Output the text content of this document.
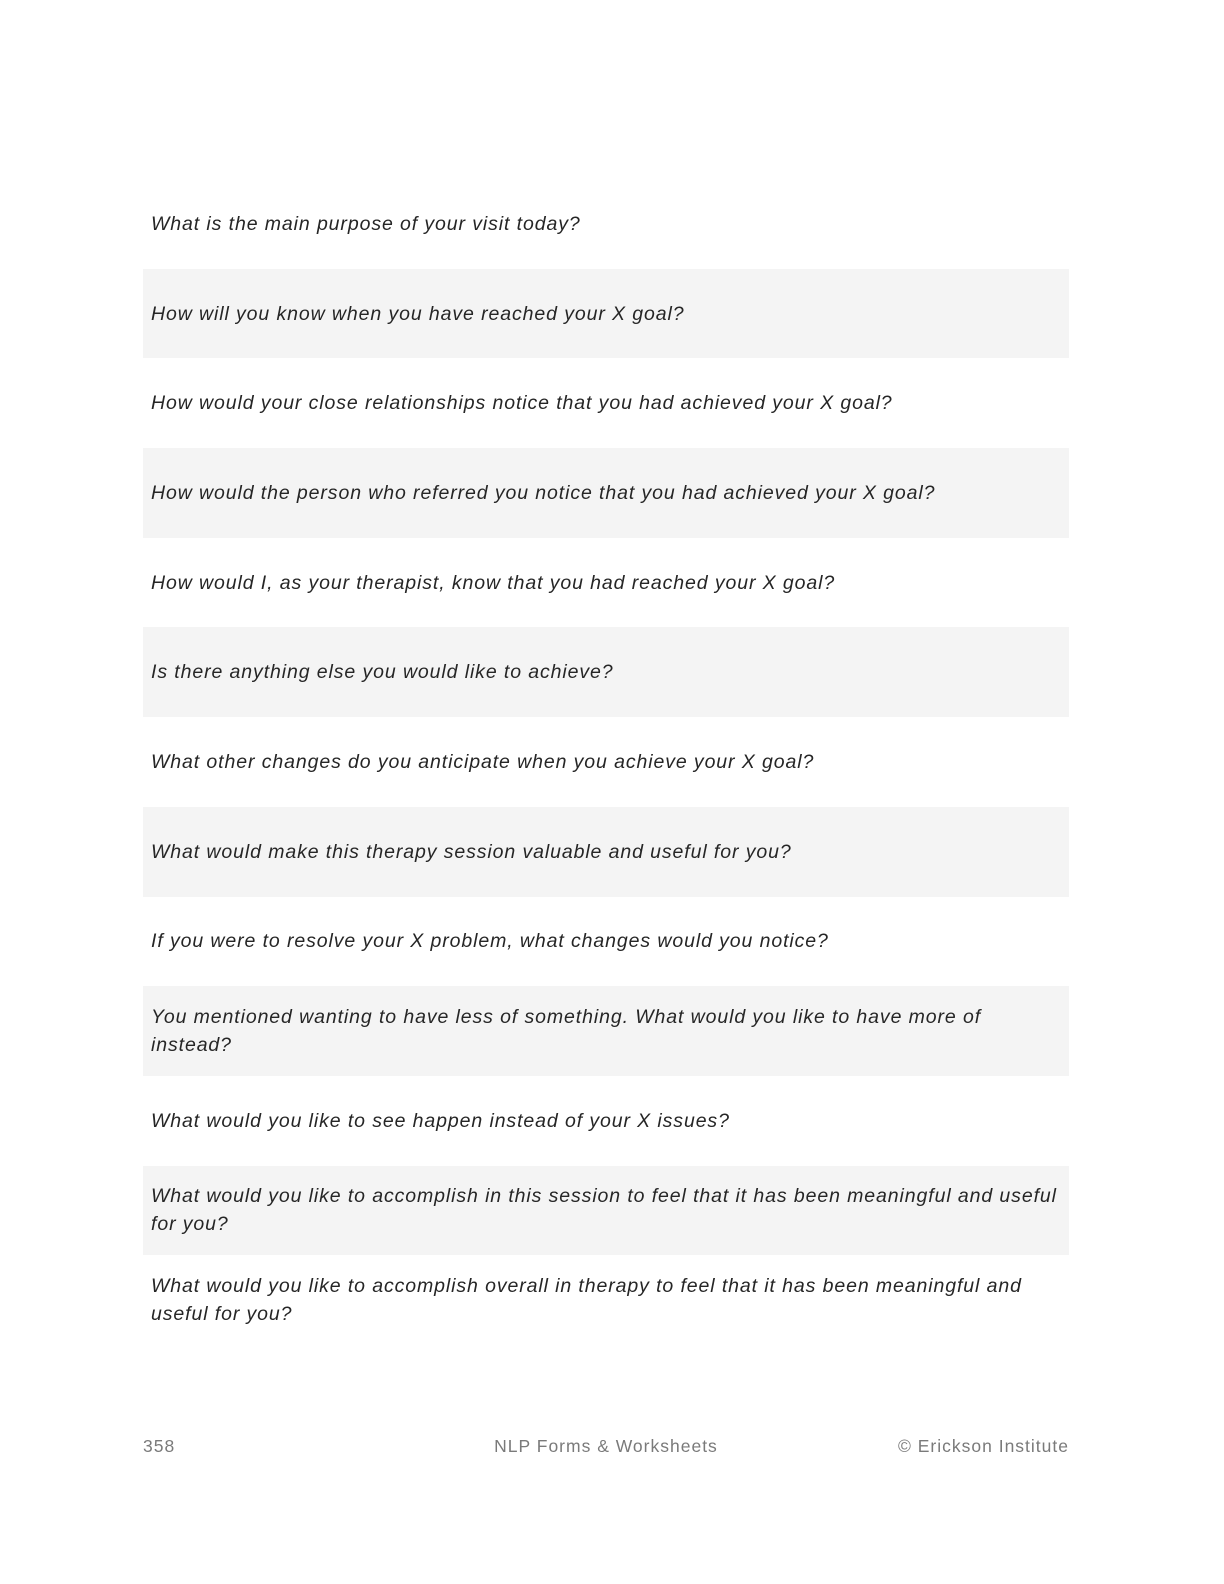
What is the main purpose of your visit today?
How will you know when you have reached your X goal?
How would your close relationships notice that you had achieved your X goal?
How would the person who referred you notice that you had achieved your X goal?
How would I, as your therapist, know that you had reached your X goal?
Is there anything else you would like to achieve?
What other changes do you anticipate when you achieve your X goal?
What would make this therapy session valuable and useful for you?
If you were to resolve your X problem, what changes would you notice?
You mentioned wanting to have less of something. What would you like to have more of instead?
What would you like to see happen instead of your X issues?
What would you like to accomplish in this session to feel that it has been meaningful and useful for you?
What would you like to accomplish overall in therapy to feel that it has been meaningful and useful for you?
358	NLP Forms & Worksheets	© Erickson Institute
